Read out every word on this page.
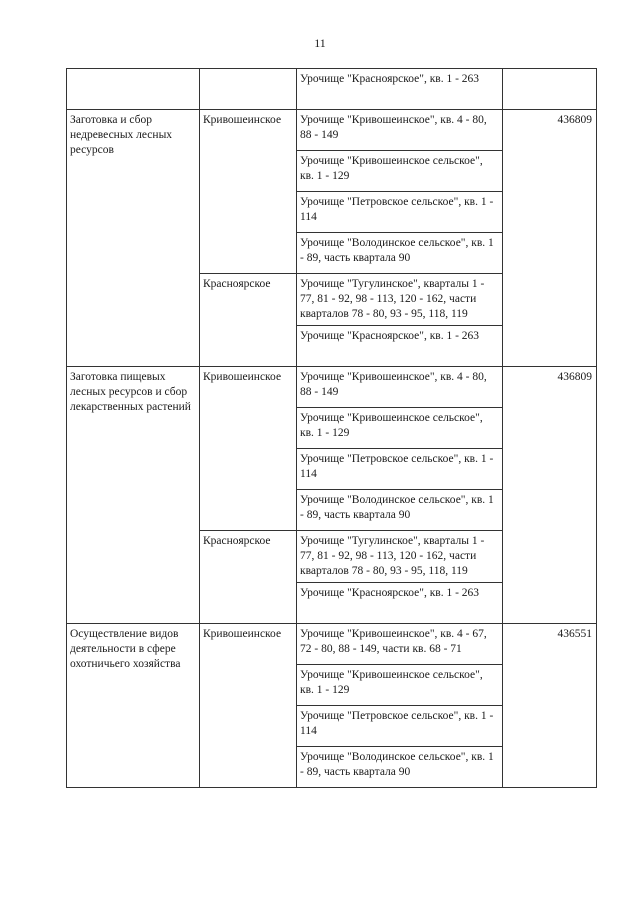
11
		Урочище "Красноярское", кв. 1 - 263	
Заготовка и сбор недревесных лесных ресурсов	Кривошеинское	Урочище "Кривошеинское", кв. 4 - 80, 88 - 149	436809
		Урочище "Кривошеинское сельское", кв. 1 - 129	
		Урочище "Петровское сельское", кв. 1 - 114	
		Урочище "Володинское сельское", кв. 1 - 89, часть квартала 90	
	Красноярское	Урочище "Тугулинское", кварталы 1 - 77, 81 - 92, 98 - 113, 120 - 162, части кварталов 78 - 80, 93 - 95, 118, 119	
		Урочище "Красноярское", кв. 1 - 263	
Заготовка пищевых лесных ресурсов и сбор лекарственных растений	Кривошеинское	Урочище "Кривошеинское", кв. 4 - 80, 88 - 149	436809
		Урочище "Кривошеинское сельское", кв. 1 - 129	
		Урочище "Петровское сельское", кв. 1 - 114	
		Урочище "Володинское сельское", кв. 1 - 89, часть квартала 90	
	Красноярское	Урочище "Тугулинское", кварталы 1 - 77, 81 - 92, 98 - 113, 120 - 162, части кварталов 78 - 80, 93 - 95, 118, 119	
		Урочище "Красноярское", кв. 1 - 263	
Осуществление видов деятельности в сфере охотничьего хозяйства	Кривошеинское	Урочище "Кривошеинское", кв. 4 - 67, 72 - 80, 88 - 149, части кв. 68 - 71	436551
		Урочище "Кривошеинское сельское", кв. 1 - 129	
		Урочище "Петровское сельское", кв. 1 - 114	
		Урочище "Володинское сельское", кв. 1 - 89, часть квартала 90	
